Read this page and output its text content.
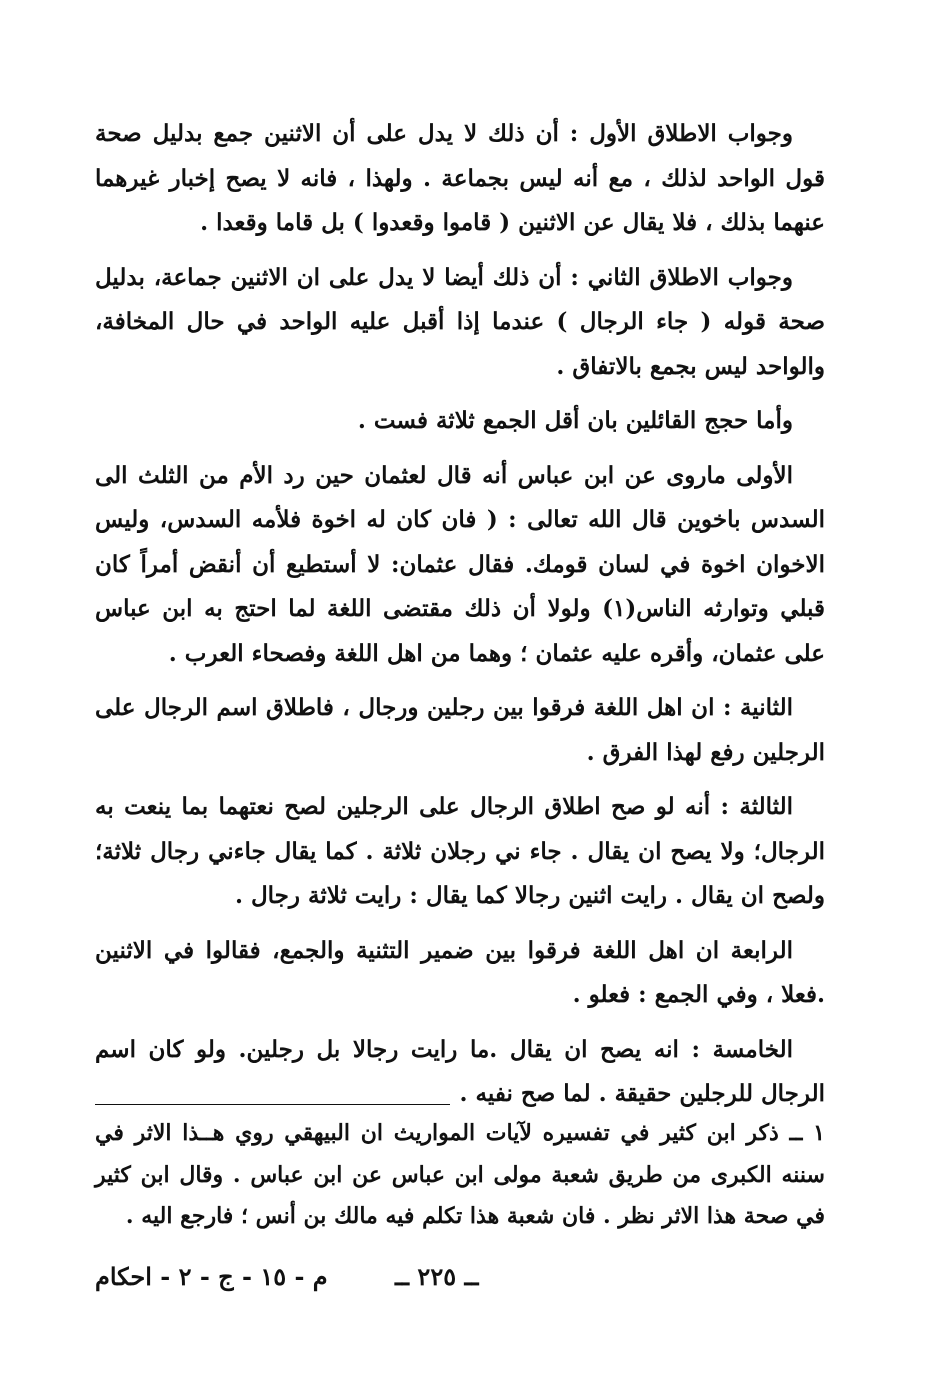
وجواب الاطلاق الأول : أن ذلك لا يدل على أن الاثنين جمع بدليل صحة قول الواحد لذلك ، مع أنه ليس بجماعة . ولهذا ، فانه لا يصح إخبار غيرهما عنهما بذلك ، فلا يقال عن الاثنين ( قاموا وقعدوا ) بل قاما وقعدا .

وجواب الاطلاق الثاني : أن ذلك أيضا لا يدل على ان الاثنين جماعة، بدليل صحة قوله ( جاء الرجال ) عندما إذا أقبل عليه الواحد في حال المخافة، والواحد ليس بجمع بالاتفاق .

وأما حجج القائلين بان أقل الجمع ثلاثة فست .

الأولى ماروى عن ابن عباس أنه قال لعثمان حين رد الأم من الثلث الى السدس باخوين قال الله تعالى : ( فان كان له اخوة فلأمه السدس، وليس الاخوان اخوة في لسان قومك. فقال عثمان: لا أستطيع أن أنقض أمراً كان قبلي وتوارثه الناس(١) ولولا أن ذلك مقتضى اللغة لما احتج به ابن عباس على عثمان، وأقره عليه عثمان ؛ وهما من اهل اللغة وفصحاء العرب .

الثانية : ان اهل اللغة فرقوا بين رجلين ورجال ، فاطلاق اسم الرجال على الرجلين رفع لهذا الفرق .

الثالثة : أنه لو صح اطلاق الرجال على الرجلين لصح نعتهما بما ينعت به الرجال؛ ولا يصح ان يقال . جاء ني رجلان ثلاثة . كما يقال جاءني رجال ثلاثة؛ ولصح ان يقال . رايت اثنين رجالا كما يقال : رايت ثلاثة رجال .

الرابعة ان اهل اللغة فرقوا بين ضمير التثنية والجمع، فقالوا في الاثنين .فعلا ، وفي الجمع : فعلو .

الخامسة : انه يصح ان يقال .ما رايت رجالا بل رجلين. ولو كان اسم الرجال للرجلين حقيقة . لما صح نفيه .

١ ــ ذكر ابن كثير في تفسيره لآيات المواريث ان البيهقي روي هــذا الاثر في سننه الكبرى من طريق شعبة مولى ابن عباس عن ابن عباس . وقال ابن كثير في صحة هذا الاثر نظر . فان شعبة هذا تكلم فيه مالك بن أنس ؛ فارجع اليه .

ــ ٢٢٥ ــ
م - ١٥ - ج - ٢ - احكام
